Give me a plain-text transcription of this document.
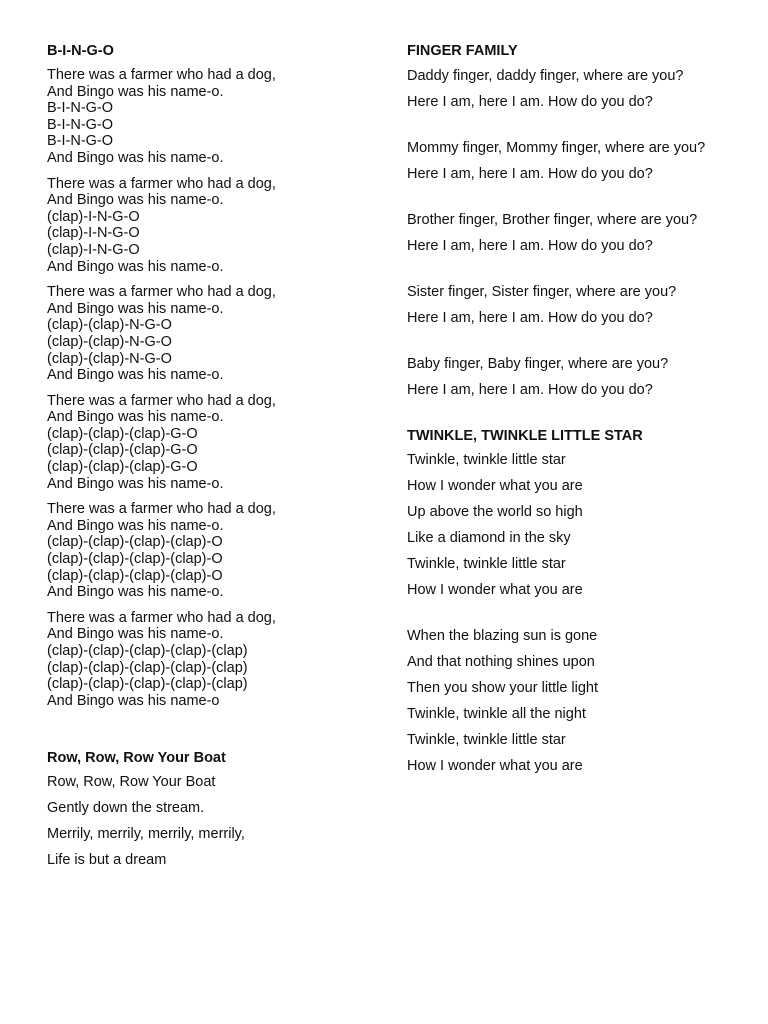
B-I-N-G-O
There was a farmer who had a dog,
And Bingo was his name-o.
B-I-N-G-O
B-I-N-G-O
B-I-N-G-O
And Bingo was his name-o.
There was a farmer who had a dog,
And Bingo was his name-o.
(clap)-I-N-G-O
(clap)-I-N-G-O
(clap)-I-N-G-O
And Bingo was his name-o.
There was a farmer who had a dog,
And Bingo was his name-o.
(clap)-(clap)-N-G-O
(clap)-(clap)-N-G-O
(clap)-(clap)-N-G-O
And Bingo was his name-o.
There was a farmer who had a dog,
And Bingo was his name-o.
(clap)-(clap)-(clap)-G-O
(clap)-(clap)-(clap)-G-O
(clap)-(clap)-(clap)-G-O
And Bingo was his name-o.
There was a farmer who had a dog,
And Bingo was his name-o.
(clap)-(clap)-(clap)-(clap)-O
(clap)-(clap)-(clap)-(clap)-O
(clap)-(clap)-(clap)-(clap)-O
And Bingo was his name-o.
There was a farmer who had a dog,
And Bingo was his name-o.
(clap)-(clap)-(clap)-(clap)-(clap)
(clap)-(clap)-(clap)-(clap)-(clap)
(clap)-(clap)-(clap)-(clap)-(clap)
And Bingo was his name-o
Row, Row, Row Your Boat
Row, Row, Row Your Boat
Gently down the stream.
Merrily, merrily, merrily, merrily,
Life is but a dream
FINGER FAMILY
Daddy finger, daddy finger, where are you?
Here I am, here I am. How do you do?
Mommy finger, Mommy finger, where are you?
Here I am, here I am. How do you do?
Brother finger, Brother finger, where are you?
Here I am, here I am. How do you do?
Sister finger, Sister finger, where are you?
Here I am, here I am. How do you do?
Baby finger, Baby finger, where are you?
Here I am, here I am. How do you do?
TWINKLE, TWINKLE LITTLE STAR
Twinkle, twinkle little star
How I wonder what you are
Up above the world so high
Like a diamond in the sky
Twinkle, twinkle little star
How I wonder what you are
When the blazing sun is gone
And that nothing shines upon
Then you show your little light
Twinkle, twinkle all the night
Twinkle, twinkle little star
How I wonder what you are
